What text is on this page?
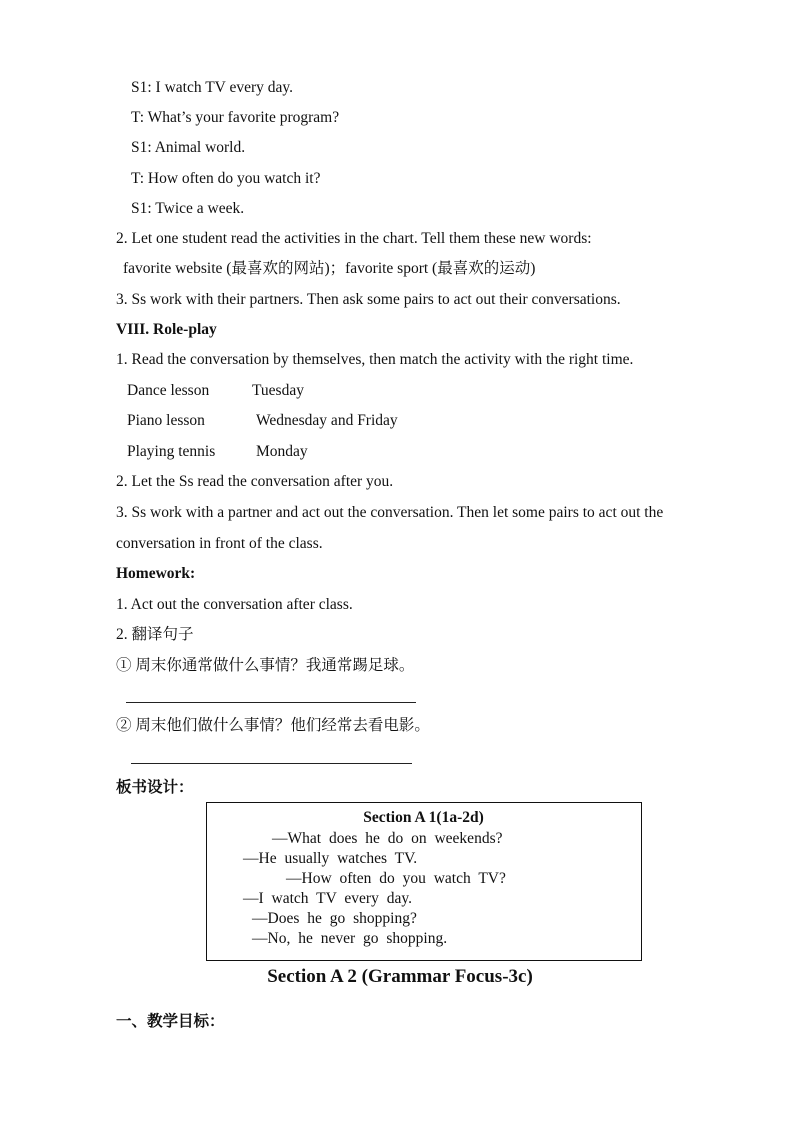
S1: I watch TV every day.
T: What’s your favorite program?
S1: Animal world.
T: How often do you watch it?
S1: Twice a week.
2. Let one student read the activities in the chart. Tell them these new words:
favorite website (最喜欢的网站)；favorite sport (最喜欢的运动)
3. Ss work with their partners. Then ask some pairs to act out their conversations.
VIII. Role-play
1. Read the conversation by themselves, then match the activity with the right time.
Dance lesson	Tuesday
Piano lesson	Wednesday and Friday
Playing tennis	Monday
2. Let the Ss read the conversation after you.
3. Ss work with a partner and act out the conversation. Then let some pairs to act out the
conversation in front of the class.
Homework:
1. Act out the conversation after class.
2. 翻译句子
① 周末你通常做什么事情？我通常踢足球。
② 周末他们做什么事情？他们经常去看电影。
板书设计：
Section A 1(1a-2d)
—What does he do on weekends?
—He usually watches TV.
—How often do you watch TV?
—I watch TV every day.
—Does he go shopping?
—No, he never go shopping.
Section A 2 (Grammar Focus-3c)
一、教学目标：
